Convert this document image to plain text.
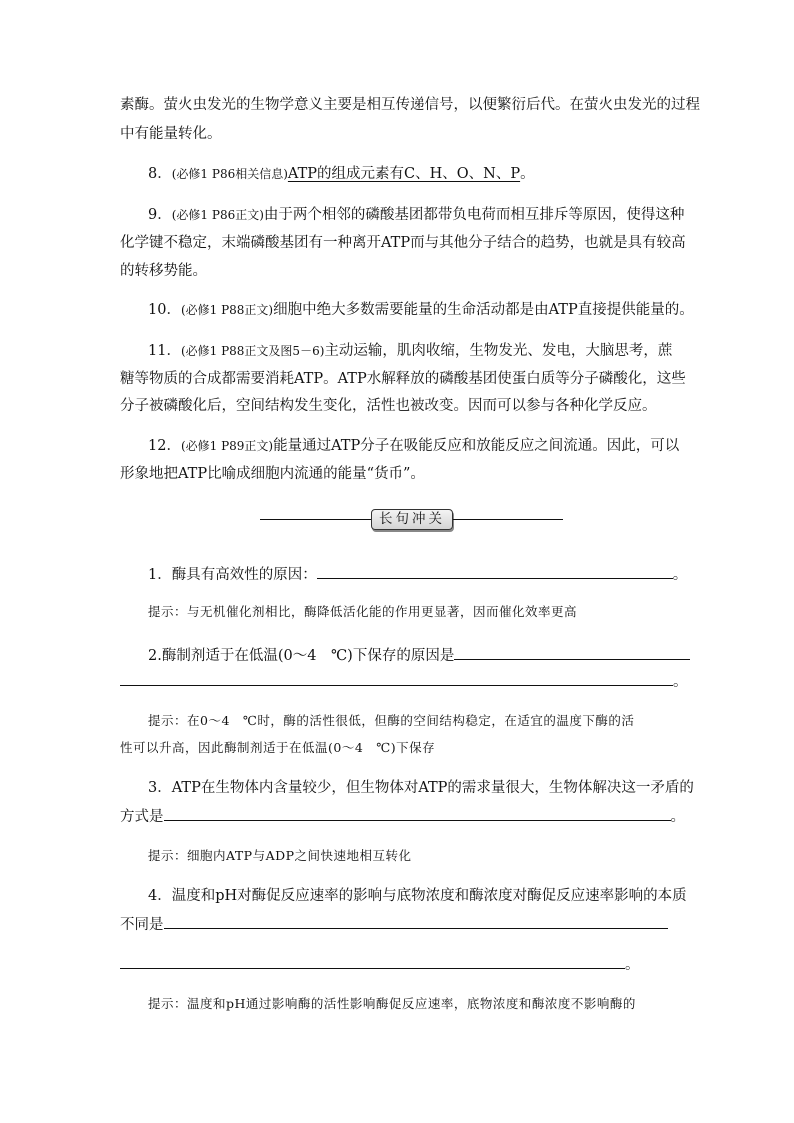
素酶。萤火虫发光的生物学意义主要是相互传递信号，以便繁衍后代。在萤火虫发光的过程
中有能量转化。
8．(必修1 P86相关信息)ATP的组成元素有C、H、O、N、P。
9．(必修1 P86正文)由于两个相邻的磷酸基团都带负电荷而相互排斥等原因，使得这种
化学键不稳定，末端磷酸基团有一种离开ATP而与其他分子结合的趋势，也就是具有较高
的转移势能。
10．(必修1 P88正文)细胞中绝大多数需要能量的生命活动都是由ATP直接提供能量的。
11．(必修1 P88正文及图5－6)主动运输，肌肉收缩，生物发光、发电，大脑思考，蔗
糖等物质的合成都需要消耗ATP。ATP水解释放的磷酸基团使蛋白质等分子磷酸化，这些
分子被磷酸化后，空间结构发生变化，活性也被改变。因而可以参与各种化学反应。
12．(必修1 P89正文)能量通过ATP分子在吸能反应和放能反应之间流通。因此，可以
形象地把ATP比喻成细胞内流通的能量“货币”。
长句冲关
1．酶具有高效性的原因：	。
提示：与无机催化剂相比，酶降低活化能的作用更显著，因而催化效率更高
2.酶制剂适于在低温(0～4　℃)下保存的原因是
。
提示：在0～4　℃时，酶的活性很低，但酶的空间结构稳定，在适宜的温度下酶的活
性可以升高，因此酶制剂适于在低温(0～4　℃)下保存
3．ATP在生物体内含量较少，但生物体对ATP的需求量很大，生物体解决这一矛盾的
方式是	。
提示：细胞内ATP与ADP之间快速地相互转化
4．温度和pH对酶促反应速率的影响与底物浓度和酶浓度对酶促反应速率影响的本质
不同是
。
提示：温度和pH通过影响酶的活性影响酶促反应速率，底物浓度和酶浓度不影响酶的
